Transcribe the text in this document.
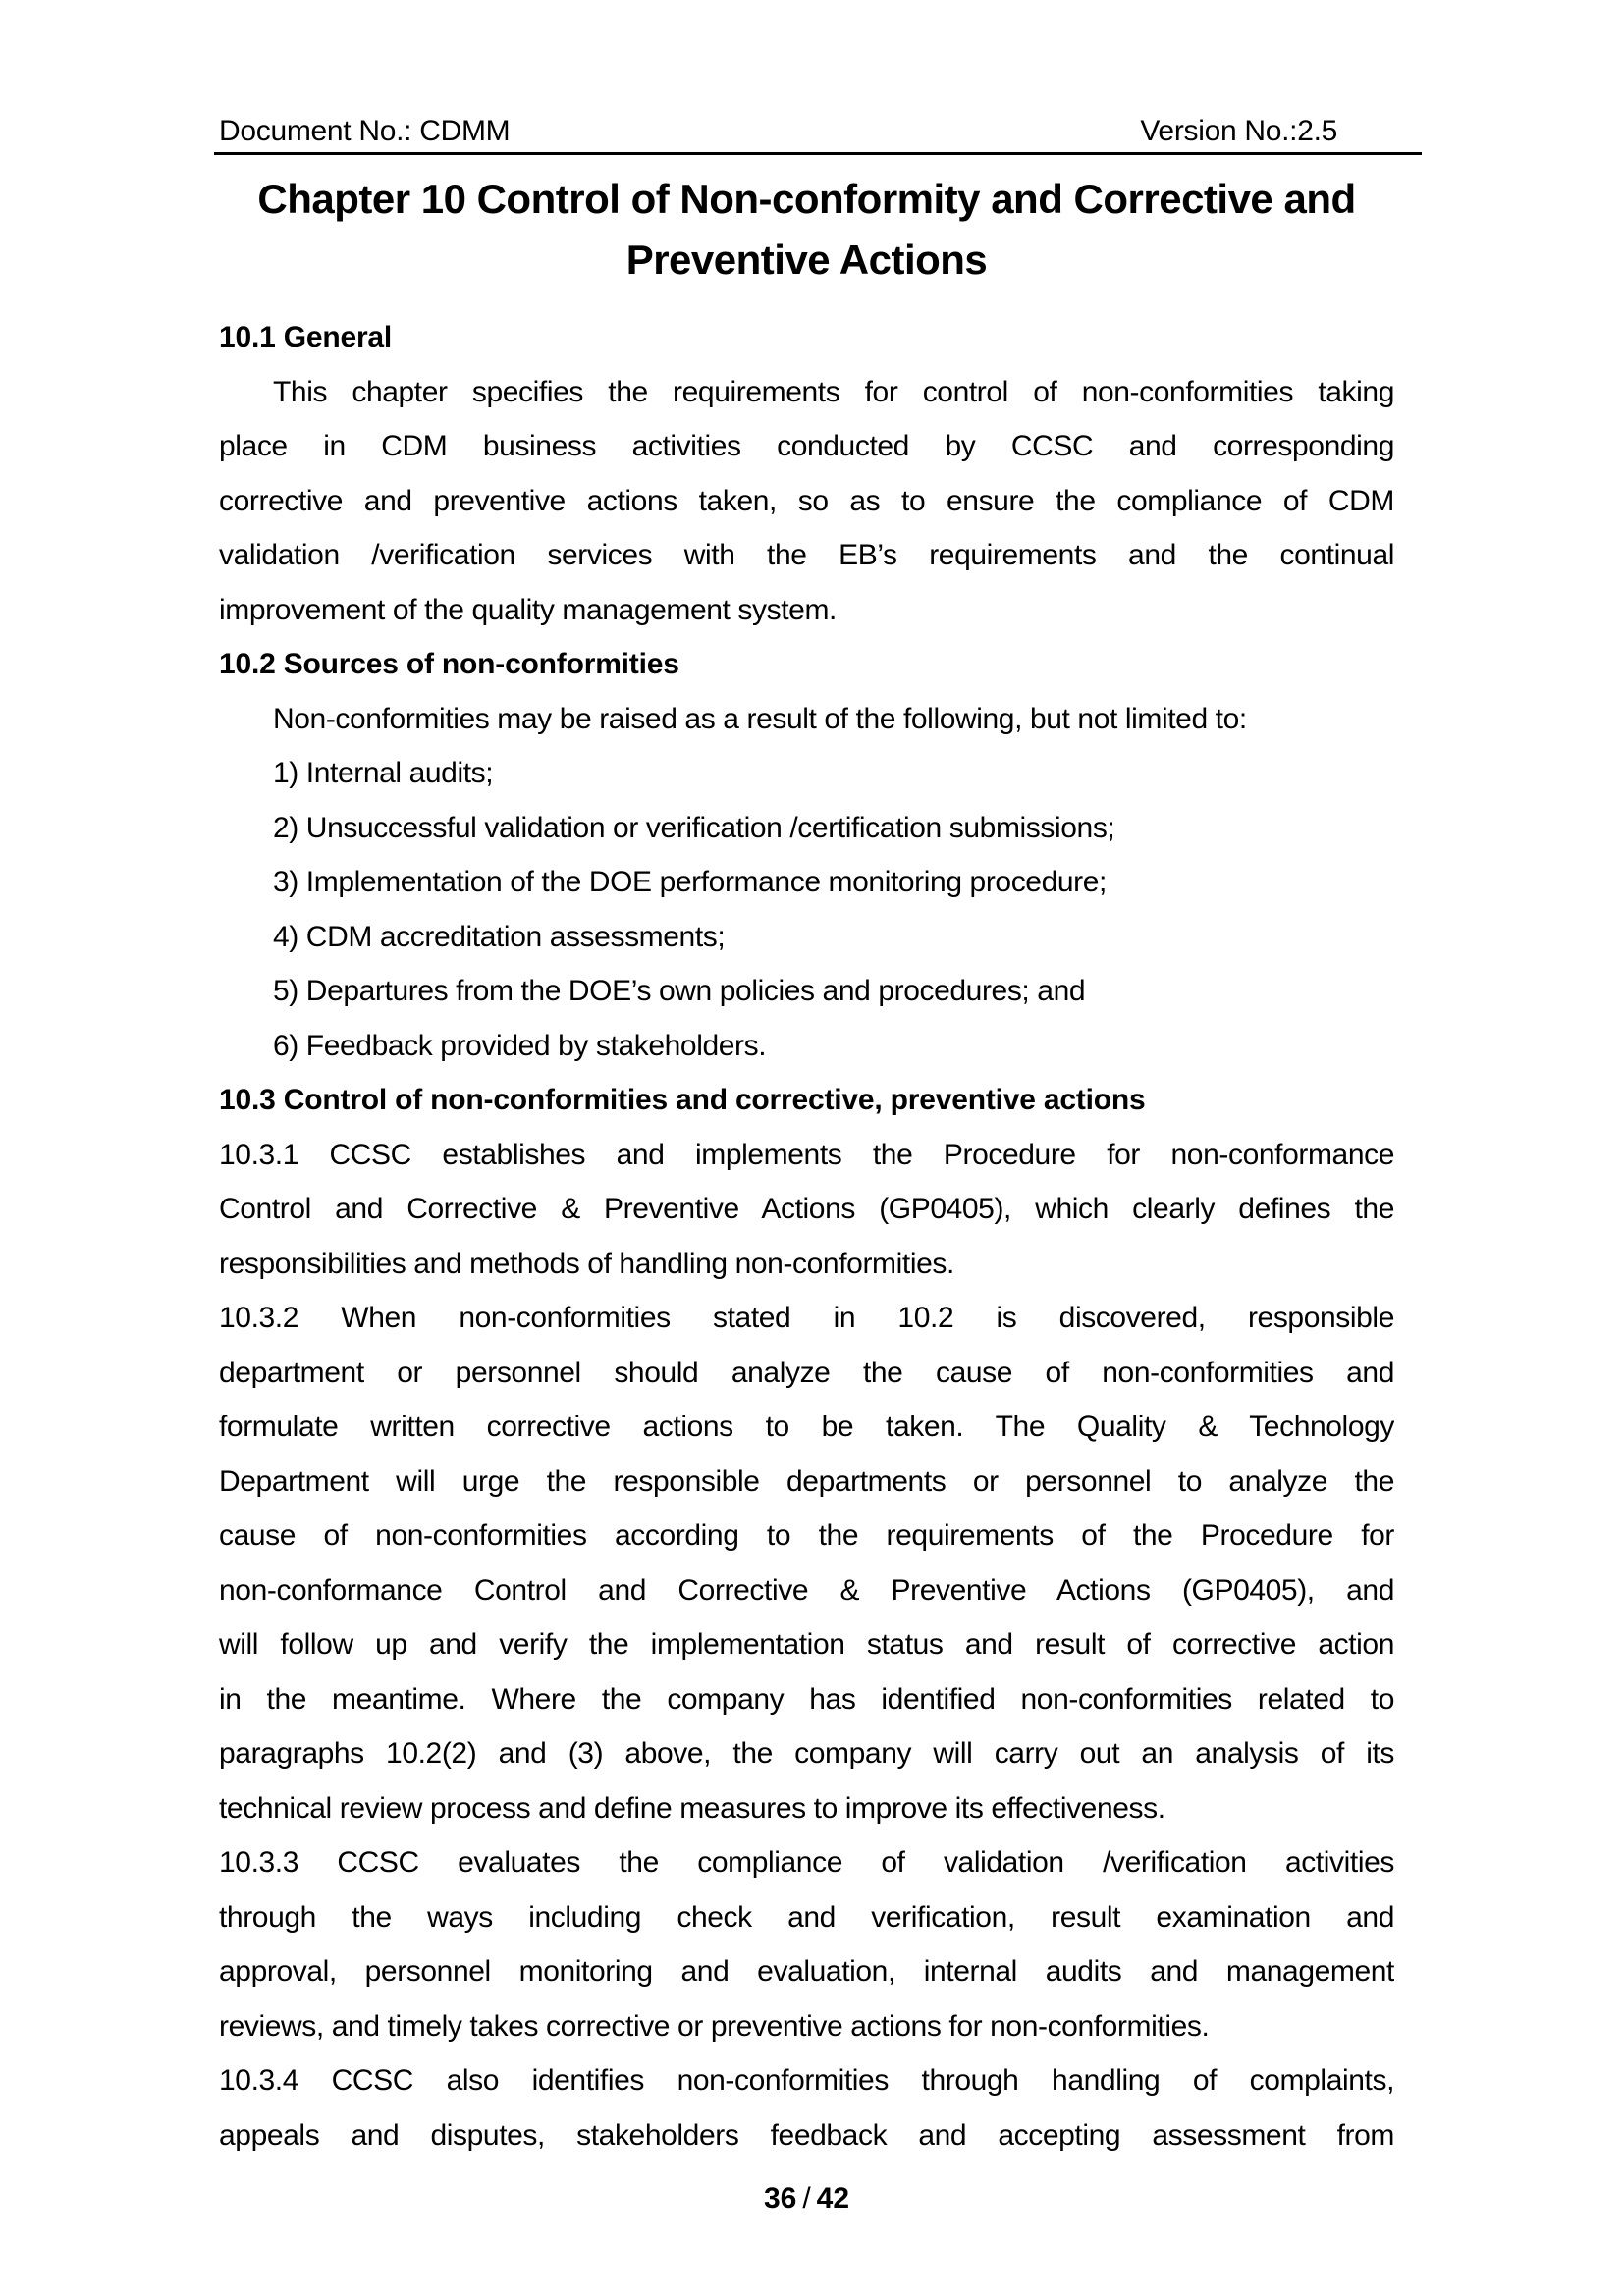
Document No.: CDMM	Version No.:2.5
Chapter 10 Control of Non-conformity and Corrective and
Preventive Actions
10.1 General
This chapter specifies the requirements for control of non-conformities taking
place in CDM business activities conducted by CCSC and corresponding
corrective and preventive actions taken, so as to ensure the compliance of CDM
validation /verification services with the EB’s requirements and the continual
improvement of the quality management system.
10.2 Sources of non-conformities
Non-conformities may be raised as a result of the following, but not limited to:
1) Internal audits;
2) Unsuccessful validation or verification /certification submissions;
3) Implementation of the DOE performance monitoring procedure;
4) CDM accreditation assessments;
5) Departures from the DOE’s own policies and procedures; and
6) Feedback provided by stakeholders.
10.3 Control of non-conformities and corrective, preventive actions
10.3.1 CCSC establishes and implements the Procedure for non-conformance
Control and Corrective & Preventive Actions (GP0405), which clearly defines the
responsibilities and methods of handling non-conformities.
10.3.2 When non-conformities stated in 10.2 is discovered, responsible
department or personnel should analyze the cause of non-conformities and
formulate written corrective actions to be taken. The Quality & Technology
Department will urge the responsible departments or personnel to analyze the
cause of non-conformities according to the requirements of the Procedure for
non-conformance Control and Corrective & Preventive Actions (GP0405), and
will follow up and verify the implementation status and result of corrective action
in the meantime. Where the company has identified non-conformities related to
paragraphs 10.2(2) and (3) above, the company will carry out an analysis of its
technical review process and define measures to improve its effectiveness.
10.3.3 CCSC evaluates the compliance of validation /verification activities
through the ways including check and verification, result examination and
approval, personnel monitoring and evaluation, internal audits and management
reviews, and timely takes corrective or preventive actions for non-conformities.
10.3.4 CCSC also identifies non-conformities through handling of complaints,
appeals and disputes, stakeholders feedback and accepting assessment from
36 / 42
